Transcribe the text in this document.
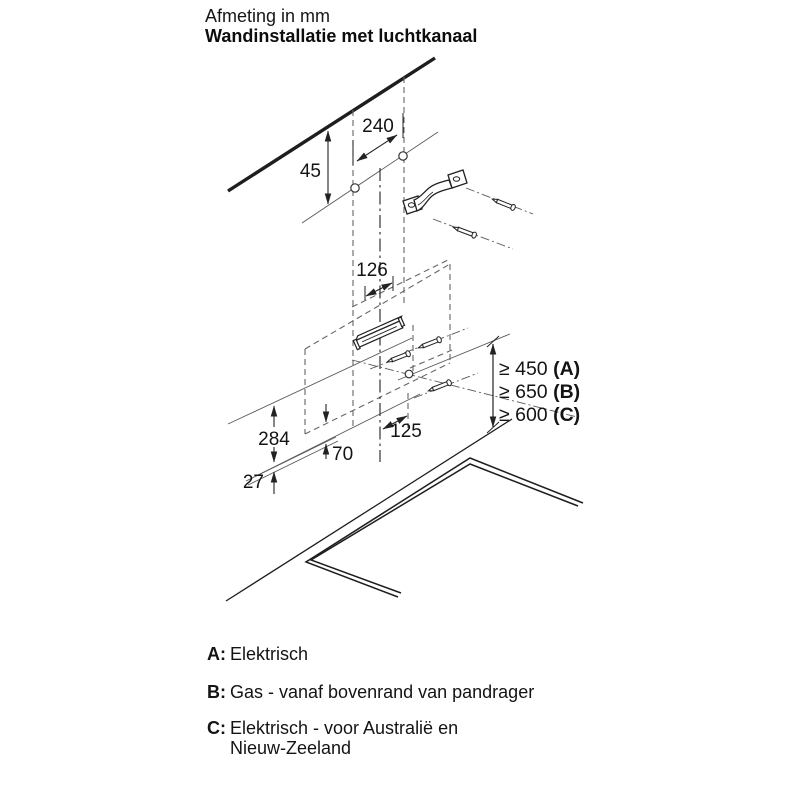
Afmeting in mm
Wandinstallatie met luchtkanaal
45
240
126
125
284
70
27
≥ 450 (A)
≥ 650 (B)
≥ 600 (C)
A: Elektrisch
B: Gas - vanaf bovenrand van pandrager
C: Elektrisch - voor Australië en
Nieuw-Zeeland
